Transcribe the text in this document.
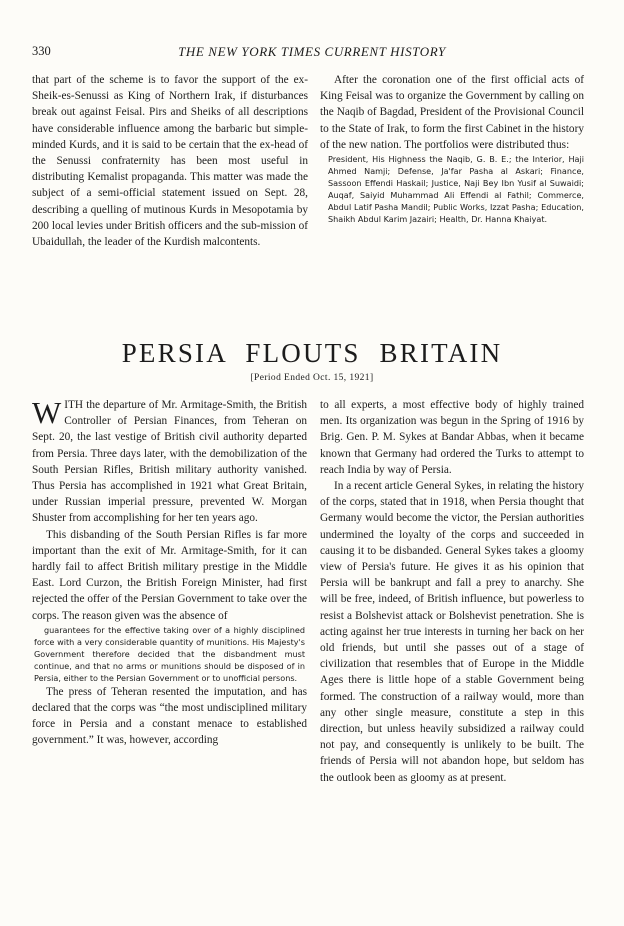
330	THE NEW YORK TIMES CURRENT HISTORY

that part of the scheme is to favor the support of the ex-Sheik-es-Senussi as King of Northern Irak, if disturbances break out against Feisal. Pirs and Sheiks of all descriptions have considerable influence among the barbaric but simple-minded Kurds, and it is said to be certain that the ex-head of the Senussi confraternity has been most useful in distributing Kemalist propaganda. This matter was made the subject of a semi-official statement issued on Sept. 28, describing a quelling of mutinous Kurds in Mesopotamia by 200 local levies under British officers and the sub-mission of Ubaidullah, the leader of the Kurdish malcontents.

After the coronation one of the first official acts of King Feisal was to organize the Government by calling on the Naqib of Bagdad, President of the Provisional Council to the State of Irak, to form the first Cabinet in the history of the new nation. The portfolios were distributed thus:

President, His Highness the Naqib, G. B. E.; the Interior, Haji Ahmed Namji; Defense, Ja'far Pasha al Askari; Finance, Sassoon Effendi Haskail; Justice, Naji Bey Ibn Yusif al Suwaidi; Auqaf, Saiyid Muhammad Ali Effendi al Fathil; Commerce, Abdul Latif Pasha Mandil; Public Works, Izzat Pasha; Education, Shaikh Abdul Karim Jazairi; Health, Dr. Hanna Khaiyat.

PERSIA FLOUTS BRITAIN
[Period Ended Oct. 15, 1921]

WITH the departure of Mr. Armitage-Smith, the British Controller of Persian Finances, from Teheran on Sept. 20, the last vestige of British civil authority departed from Persia. Three days later, with the demobilization of the South Persian Rifles, British military authority vanished. Thus Persia has accomplished in 1921 what Great Britain, under Russian imperial pressure, prevented W. Morgan Shuster from accomplishing for her ten years ago.

This disbanding of the South Persian Rifles is far more important than the exit of Mr. Armitage-Smith, for it can hardly fail to affect British military prestige in the Middle East. Lord Curzon, the British Foreign Minister, had first rejected the offer of the Persian Government to take over the corps. The reason given was the absence of

guarantees for the effective taking over of a highly disciplined force with a very considerable quantity of munitions. His Majesty's Government therefore decided that the disbandment must continue, and that no arms or munitions should be disposed of in Persia, either to the Persian Government or to unofficial persons.

The press of Teheran resented the imputation, and has declared that the corps was “the most undisciplined military force in Persia and a constant menace to established government.” It was, however, according

to all experts, a most effective body of highly trained men. Its organization was begun in the Spring of 1916 by Brig. Gen. P. M. Sykes at Bandar Abbas, when it became known that Germany had ordered the Turks to attempt to reach India by way of Persia.

In a recent article General Sykes, in relating the history of the corps, stated that in 1918, when Persia thought that Germany would become the victor, the Persian authorities undermined the loyalty of the corps and succeeded in causing it to be disbanded. General Sykes takes a gloomy view of Persia's future. He gives it as his opinion that Persia will be bankrupt and fall a prey to anarchy. She will be free, indeed, of British influence, but powerless to resist a Bolshevist attack or Bolshevist penetration. She is acting against her true interests in turning her back on her old friends, but until she passes out of a stage of civilization that resembles that of Europe in the Middle Ages there is little hope of a stable Government being formed. The construction of a railway would, more than any other single measure, constitute a step in this direction, but unless heavily subsidized a railway could not pay, and consequently is unlikely to be built. The friends of Persia will not abandon hope, but seldom has the outlook been as gloomy as at present.
